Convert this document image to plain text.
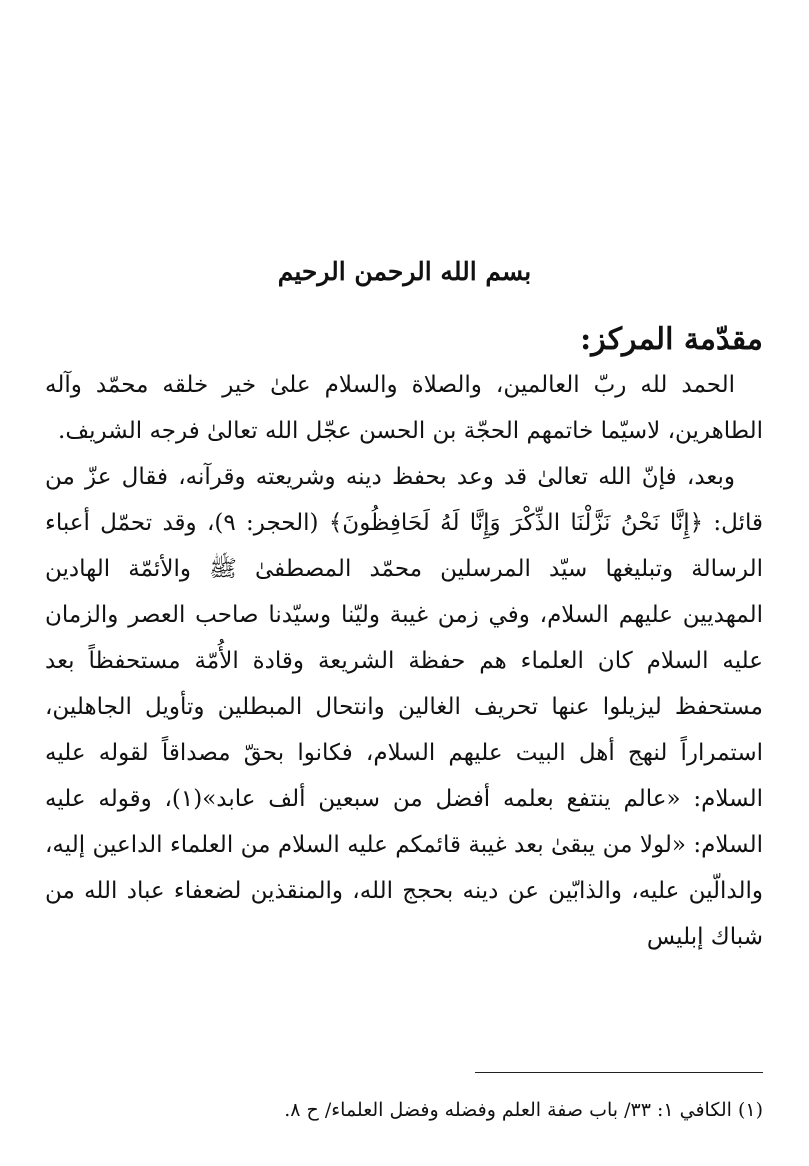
بسم الله الرحمن الرحيم
مقدّمة المركز:

الحمد لله ربّ العالمين، والصلاة والسلام علىٰ خير خلقه محمّد وآله الطاهرين، لاسيّما خاتمهم الحجّة بن الحسن عجّل الله تعالىٰ فرجه الشريف.

وبعد، فإنّ الله تعالىٰ قد وعد بحفظ دينه وشريعته وقرآنه، فقال عزّ من قائل: ﴿إِنَّا نَحْنُ نَزَّلْنَا الذِّكْرَ وَإِنَّا لَهُ لَحَافِظُونَ﴾ (الحجر: ٩)، وقد تحمّل أعباء الرسالة وتبليغها سيّد المرسلين محمّد المصطفىٰ ﷺ والأئمّة الهادين المهديين عليهم السلام، وفي زمن غيبة وليّنا وسيّدنا صاحب العصر والزمان عليه السلام كان العلماء هم حفظة الشريعة وقادة الأُمّة مستحفظاً بعد مستحفظ ليزيلوا عنها تحريف الغالين وانتحال المبطلين وتأويل الجاهلين، استمراراً لنهج أهل البيت عليهم السلام، فكانوا بحقّ مصداقاً لقوله عليه السلام: «عالم ينتفع بعلمه أفضل من سبعين ألف عابد»(١)، وقوله عليه السلام: «لولا من يبقىٰ بعد غيبة قائمكم عليه السلام من العلماء الداعين إليه، والدالّين عليه، والذابّين عن دينه بحجج الله، والمنقذين لضعفاء عباد الله من شباك إبليس

(١) الكافي ١: ٣٣/ باب صفة العلم وفضله وفضل العلماء/ ح ٨.
